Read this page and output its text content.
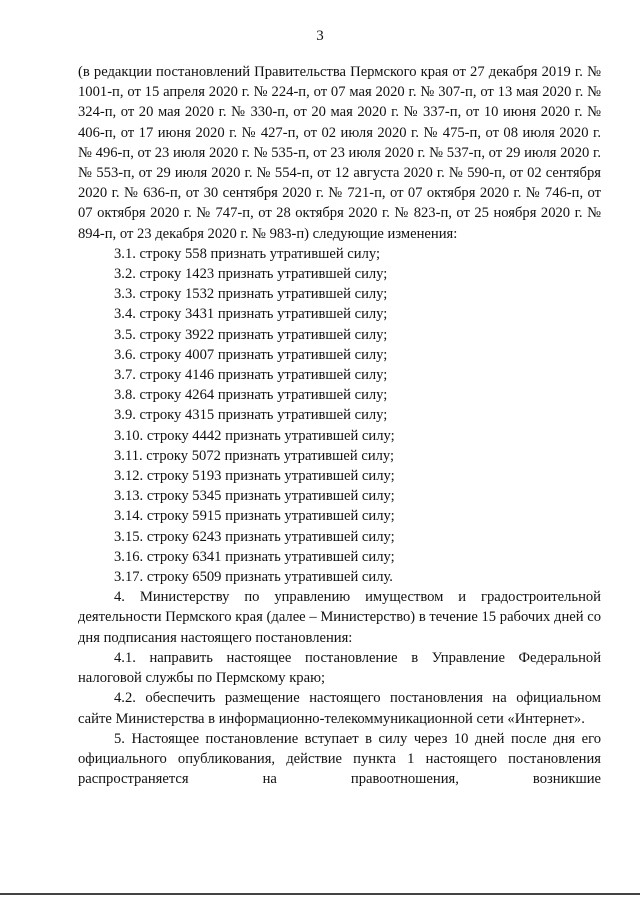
3

(в редакции постановлений Правительства Пермского края от 27 декабря 2019 г. № 1001-п, от 15 апреля 2020 г. № 224-п, от 07 мая 2020 г. № 307-п, от 13 мая 2020 г. № 324-п, от 20 мая 2020 г. № 330-п, от 20 мая 2020 г. № 337-п, от 10 июня 2020 г. № 406-п, от 17 июня 2020 г. № 427-п, от 02 июля 2020 г. № 475-п, от 08 июля 2020 г. № 496-п, от 23 июля 2020 г. № 535-п, от 23 июля 2020 г. № 537-п, от 29 июля 2020 г. № 553-п, от 29 июля 2020 г. № 554-п, от 12 августа 2020 г. № 590-п, от 02 сентября 2020 г. № 636-п, от 30 сентября 2020 г. № 721-п, от 07 октября 2020 г. № 746-п, от 07 октября 2020 г. № 747-п, от 28 октября 2020 г. № 823-п, от 25 ноября 2020 г. № 894-п, от 23 декабря 2020 г. № 983-п) следующие изменения:

3.1. строку 558 признать утратившей силу;

3.2. строку 1423 признать утратившей силу;

3.3. строку 1532 признать утратившей силу;

3.4. строку 3431 признать утратившей силу;

3.5. строку 3922 признать утратившей силу;

3.6. строку 4007 признать утратившей силу;

3.7. строку 4146 признать утратившей силу;

3.8. строку 4264 признать утратившей силу;

3.9. строку 4315 признать утратившей силу;

3.10. строку 4442 признать утратившей силу;

3.11. строку 5072 признать утратившей силу;

3.12. строку 5193 признать утратившей силу;

3.13. строку 5345 признать утратившей силу;

3.14. строку 5915 признать утратившей силу;

3.15. строку 6243 признать утратившей силу;

3.16. строку 6341 признать утратившей силу;

3.17. строку 6509 признать утратившей силу.

4. Министерству по управлению имуществом и градостроительной деятельности Пермского края (далее – Министерство) в течение 15 рабочих дней со дня подписания настоящего постановления:

4.1. направить настоящее постановление в Управление Федеральной налоговой службы по Пермскому краю;

4.2. обеспечить размещение настоящего постановления на официальном сайте Министерства в информационно-телекоммуникационной сети «Интернет».

5. Настоящее постановление вступает в силу через 10 дней после дня его официального опубликования, действие пункта 1 настоящего постановления распространяется на правоотношения, возникшие
